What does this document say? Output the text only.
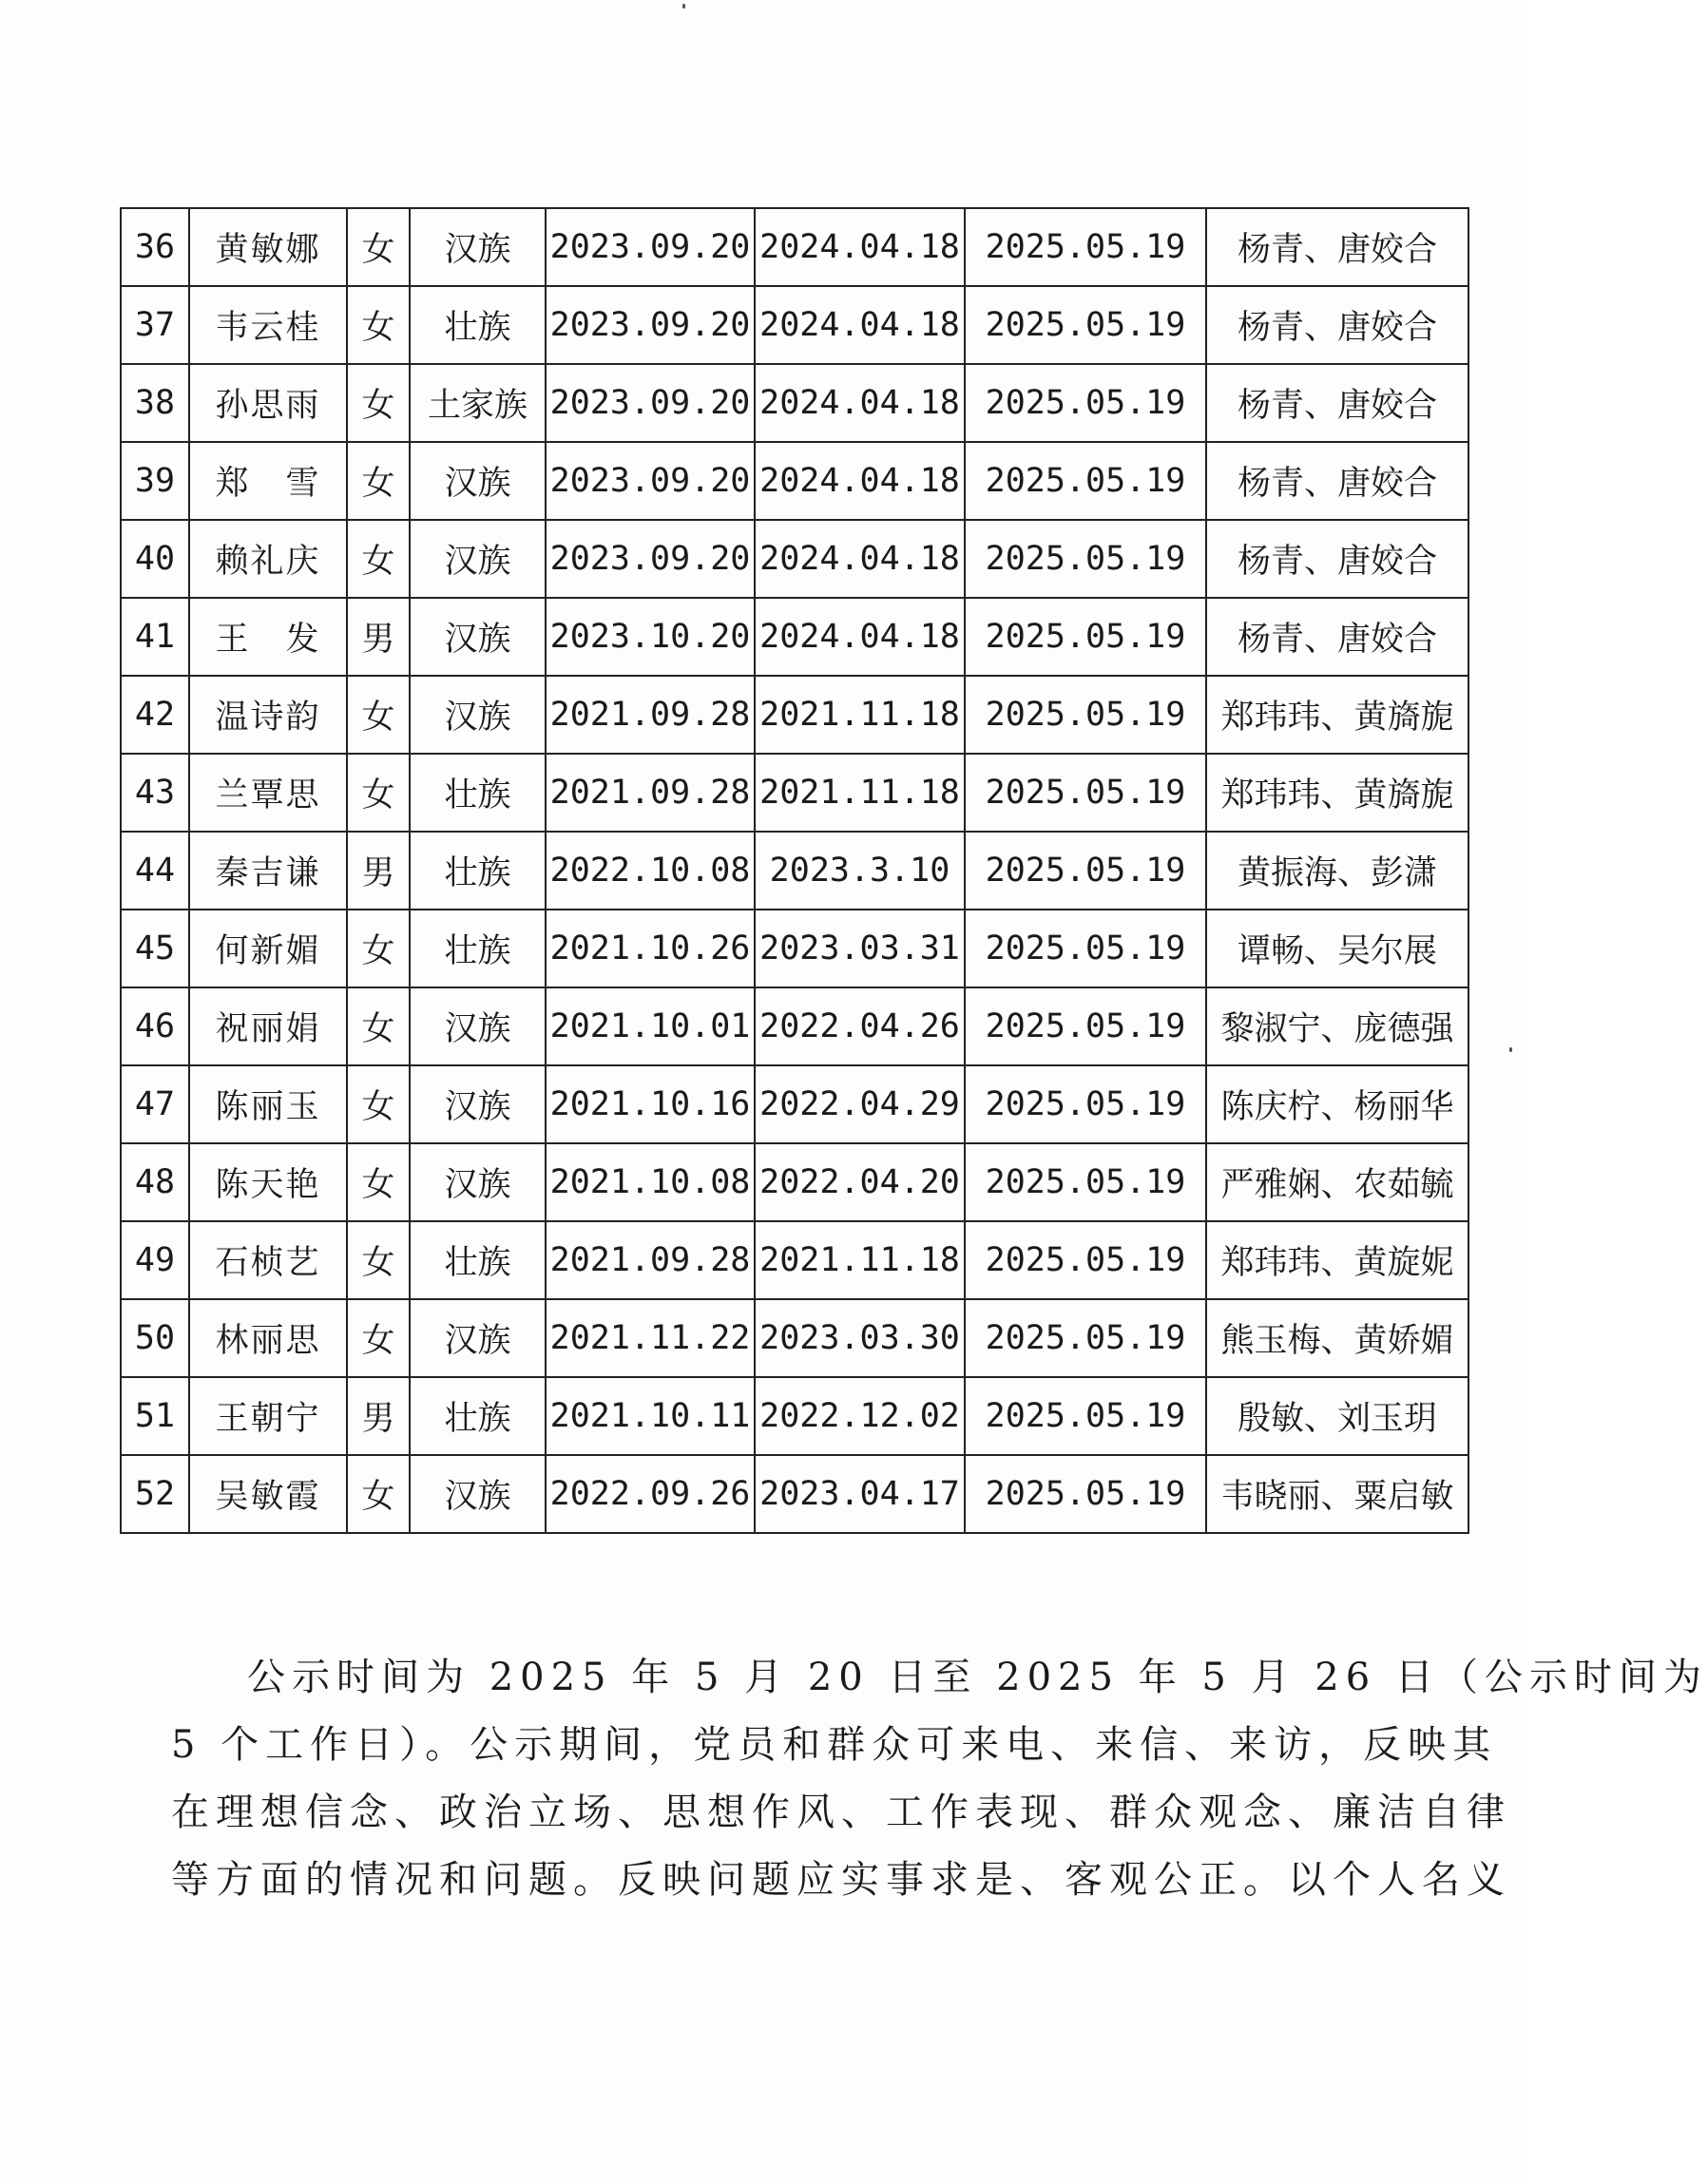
36	黄敏娜	女	汉族	2023.09.20	2024.04.18	2025.05.19	杨青、唐姣合
37	韦云桂	女	壮族	2023.09.20	2024.04.18	2025.05.19	杨青、唐姣合
38	孙思雨	女	土家族	2023.09.20	2024.04.18	2025.05.19	杨青、唐姣合
39	郑　雪	女	汉族	2023.09.20	2024.04.18	2025.05.19	杨青、唐姣合
40	赖礼庆	女	汉族	2023.09.20	2024.04.18	2025.05.19	杨青、唐姣合
41	王　发	男	汉族	2023.10.20	2024.04.18	2025.05.19	杨青、唐姣合
42	温诗韵	女	汉族	2021.09.28	2021.11.18	2025.05.19	郑玮玮、黄旖旎
43	兰覃思	女	壮族	2021.09.28	2021.11.18	2025.05.19	郑玮玮、黄旖旎
44	秦吉谦	男	壮族	2022.10.08	2023.3.10	2025.05.19	黄振海、彭潇
45	何新媚	女	壮族	2021.10.26	2023.03.31	2025.05.19	谭畅、吴尔展
46	祝丽娟	女	汉族	2021.10.01	2022.04.26	2025.05.19	黎淑宁、庞德强
47	陈丽玉	女	汉族	2021.10.16	2022.04.29	2025.05.19	陈庆柠、杨丽华
48	陈天艳	女	汉族	2021.10.08	2022.04.20	2025.05.19	严雅娴、农茹毓
49	石桢艺	女	壮族	2021.09.28	2021.11.18	2025.05.19	郑玮玮、黄旋妮
50	林丽思	女	汉族	2021.11.22	2023.03.30	2025.05.19	熊玉梅、黄娇媚
51	王朝宁	男	壮族	2021.10.11	2022.12.02	2025.05.19	殷敏、刘玉玥
52	吴敏霞	女	汉族	2022.09.26	2023.04.17	2025.05.19	韦晓丽、粟启敏
公示时间为 2025 年 5 月 20 日至 2025 年 5 月 26 日（公示时间为
5 个工作日）。公示期间，党员和群众可来电、来信、来访，反映其
在理想信念、政治立场、思想作风、工作表现、群众观念、廉洁自律
等方面的情况和问题。反映问题应实事求是、客观公正。以个人名义
